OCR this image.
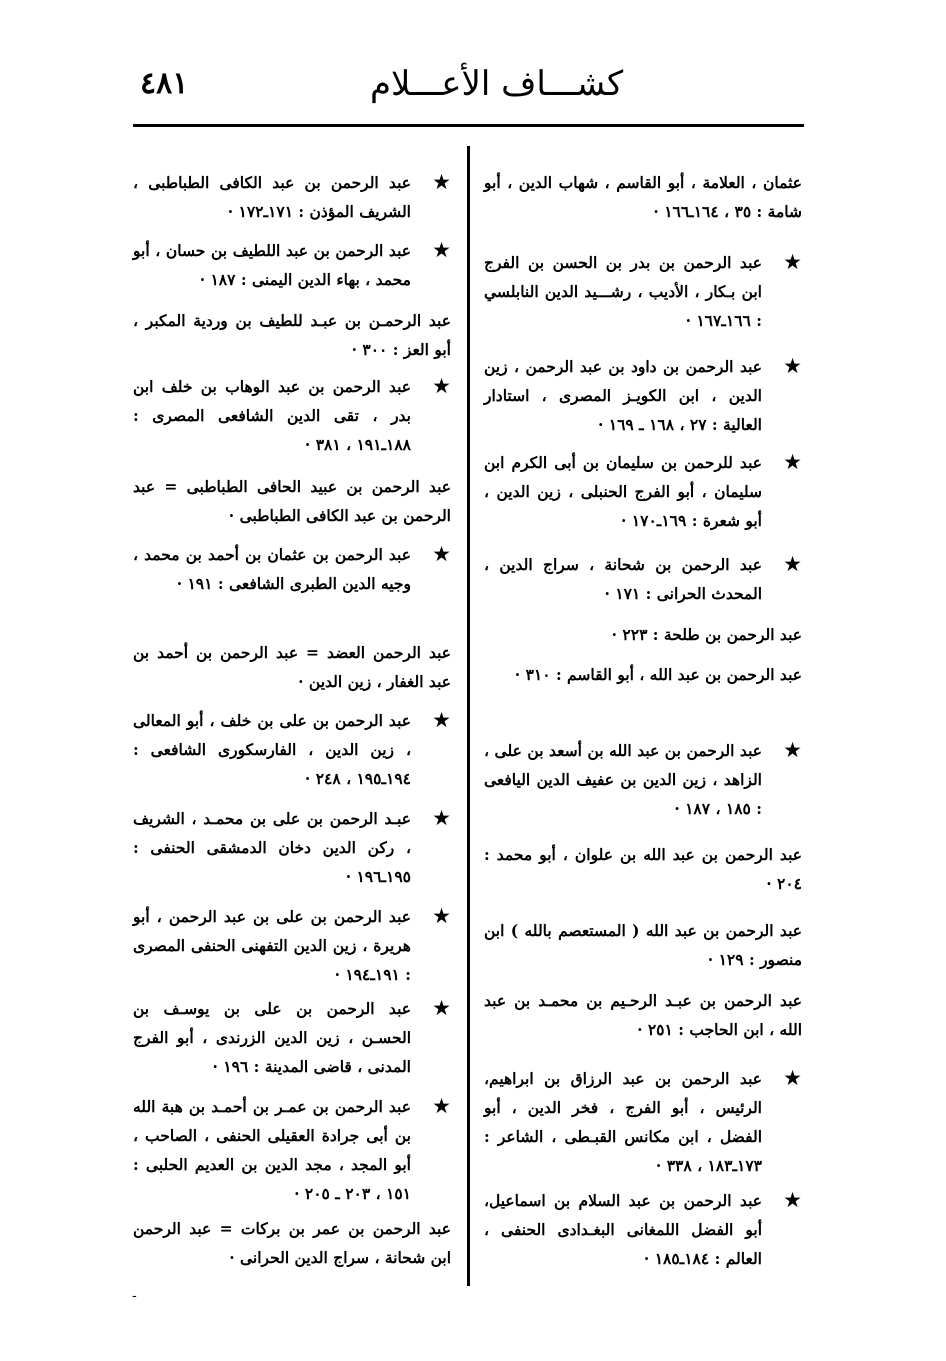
٤٨١	كشـــاف الأعـــلام
عثمان ، العلامة ، أبو القاسم ، شهاب الدين ، أبو شامة : ٣٥ ، ١٦٤ـ١٦٦ ·
★
عبد الرحمن بن بدر بن الحسن بن الفرج ابن بـكار ، الأديب ، رشـــيد الدين النابلسي : ١٦٦ـ١٦٧ ·
★
عبد الرحمن بن داود بن عبد الرحمن ، زين الدين ، ابن الكويـز المصرى ، استادار العالية : ٢٧ ، ١٦٨ ـ ١٦٩ ·
★
عبد للرحمن بن سليمان بن أبى الكرم ابن سليمان ، أبو الفرج الحنبلى ، زين الدين ، أبو شعرة : ١٦٩ـ١٧٠ ·
★
عبد الرحمن بن شحانة ، سراج الدين ، المحدث الحرانى : ١٧١ ·
عبد الرحمن بن طلحة : ٢٢٣ ·
عبد الرحمن بن عبد الله ، أبو القاسم : ٣١٠ ·
★
عبد الرحمن بن عبد الله بن أسعد بن على ، الزاهد ، زين الدين بن عفيف الدين اليافعى : ١٨٥ ، ١٨٧ ·
عبد الرحمن بن عبد الله بن علوان ، أبو محمد : ٢٠٤ ·
عبد الرحمن بن عبد الله ( المستعصم بالله ) ابن منصور : ١٢٩ ·
عبد الرحمن بن عبـد الرحـيم بن محمـد بن عبد الله ، ابن الحاجب : ٢٥١ ·
★
عبد الرحمن بن عبد الرزاق بن ابراهيم، الرئيس ، أبو الفرج ، فخر الدين ، أبو الفضل ، ابن مكانس القبـطى ، الشاعر : ١٧٣ـ١٨٣ ، ٣٣٨ ·
★
عبد الرحمن بن عبد السلام بن اسماعيل، أبو الفضل اللمغانى البغـدادى الحنفى ، العالم : ١٨٤ـ١٨٥ ·
★
عبد الرحمن بن عبد الكافى الطباطبى ، الشريف المؤذن : ١٧١ـ١٧٢ ·
★
عبد الرحمن بن عبد اللطيف بن حسان ، أبو محمد ، بهاء الدين اليمنى : ١٨٧ ·
عبد الرحمـن بن عبـد للطيف بن وردية المكبر ، أبو العز : ٣٠٠ ·
★
عبد الرحمن بن عبد الوهاب بن خلف ابن بدر ، تقى الدين الشافعى المصرى : ١٨٨ـ١٩١ ، ٣٨١ ·
عبد الرحمن بن عبيد الحافى الطباطبى = عبد الرحمن بن عبد الكافى الطباطبى ·
★
عبد الرحمن بن عثمان بن أحمد بن محمد ، وجيه الدين الطبرى الشافعى : ١٩١ ·
عبد الرحمن العضد = عبد الرحمن بن أحمد بن عبد الغفار ، زين الدين ·
★
عبد الرحمن بن على بن خلف ، أبو المعالى ، زين الدين ، الفارسكورى الشافعى : ١٩٤ـ١٩٥ ، ٢٤٨ ·
★
عبـد الرحمن بن على بن محمـد ، الشريف ، ركن الدين دخان الدمشقى الحنفى : ١٩٥ـ١٩٦ ·
★
عبد الرحمن بن على بن عبد الرحمن ، أبو هريرة ، زين الدين التفهنى الحنفى المصرى : ١٩١ـ١٩٤ ·
★
عبد الرحمن بن على بن يوسـف بن الحسـن ، زين الدين الزرندى ، أبو الفرج المدنى ، قاضى المدينة : ١٩٦ ·
★
عبد الرحمن بن عمـر بن أحمـد بن هبة الله بن أبى جرادة العقيلى الحنفى ، الصاحب ، أبو المجد ، مجد الدين بن العديم الحلبى : ١٥١ ، ٢٠٣ ـ ٢٠٥ ·
عبد الرحمن بن عمر بن بركات = عبد الرحمن ابن شحانة ، سراج الدين الحرانى ·
-
